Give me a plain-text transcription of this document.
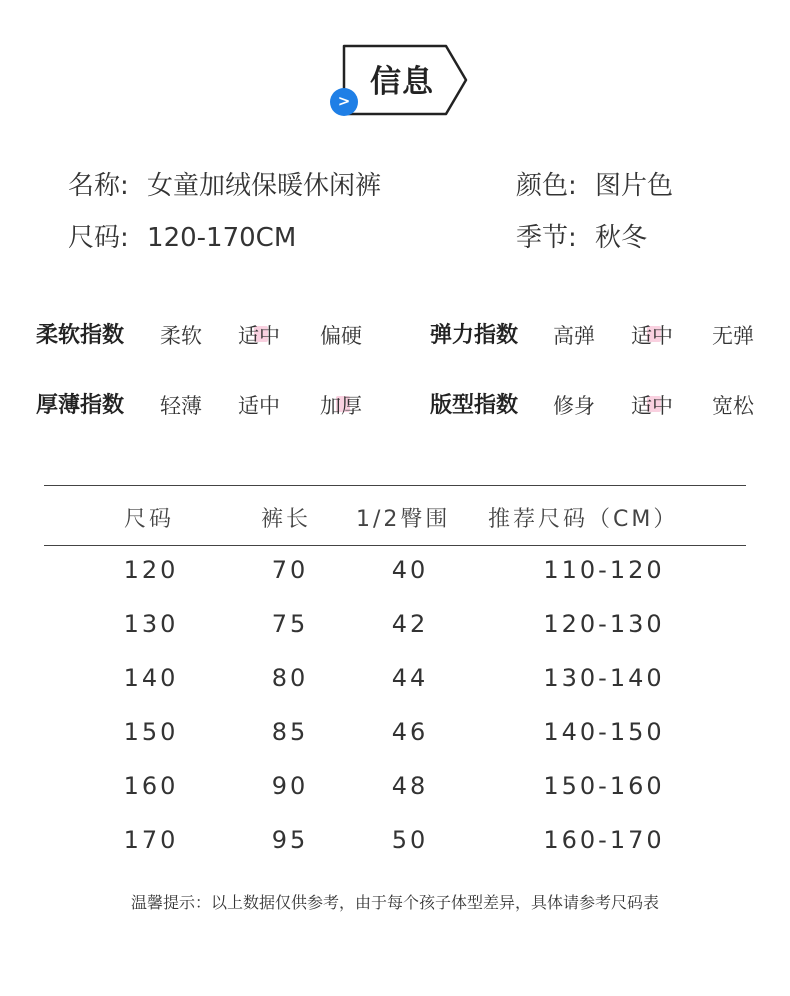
信息
>
名称: 女童加绒保暖休闲裤	颜色: 图片色
尺码: 120-170CM	季节: 秋冬
柔软指数 柔软 适中 偏硬	弹力指数 高弹 适中 无弹
厚薄指数 轻薄 适中 加厚	版型指数 修身 适中 宽松
尺码	裤长 1/2臀围 推荐尺码（CM）
120	70	40	110-120
130	75	42	120-130
140	80	44	130-140
150	85	46	140-150
160	90	48	150-160
170	95	50	160-170
温馨提示：以上数据仅供参考，由于每个孩子体型差异，具体请参考尺码表
